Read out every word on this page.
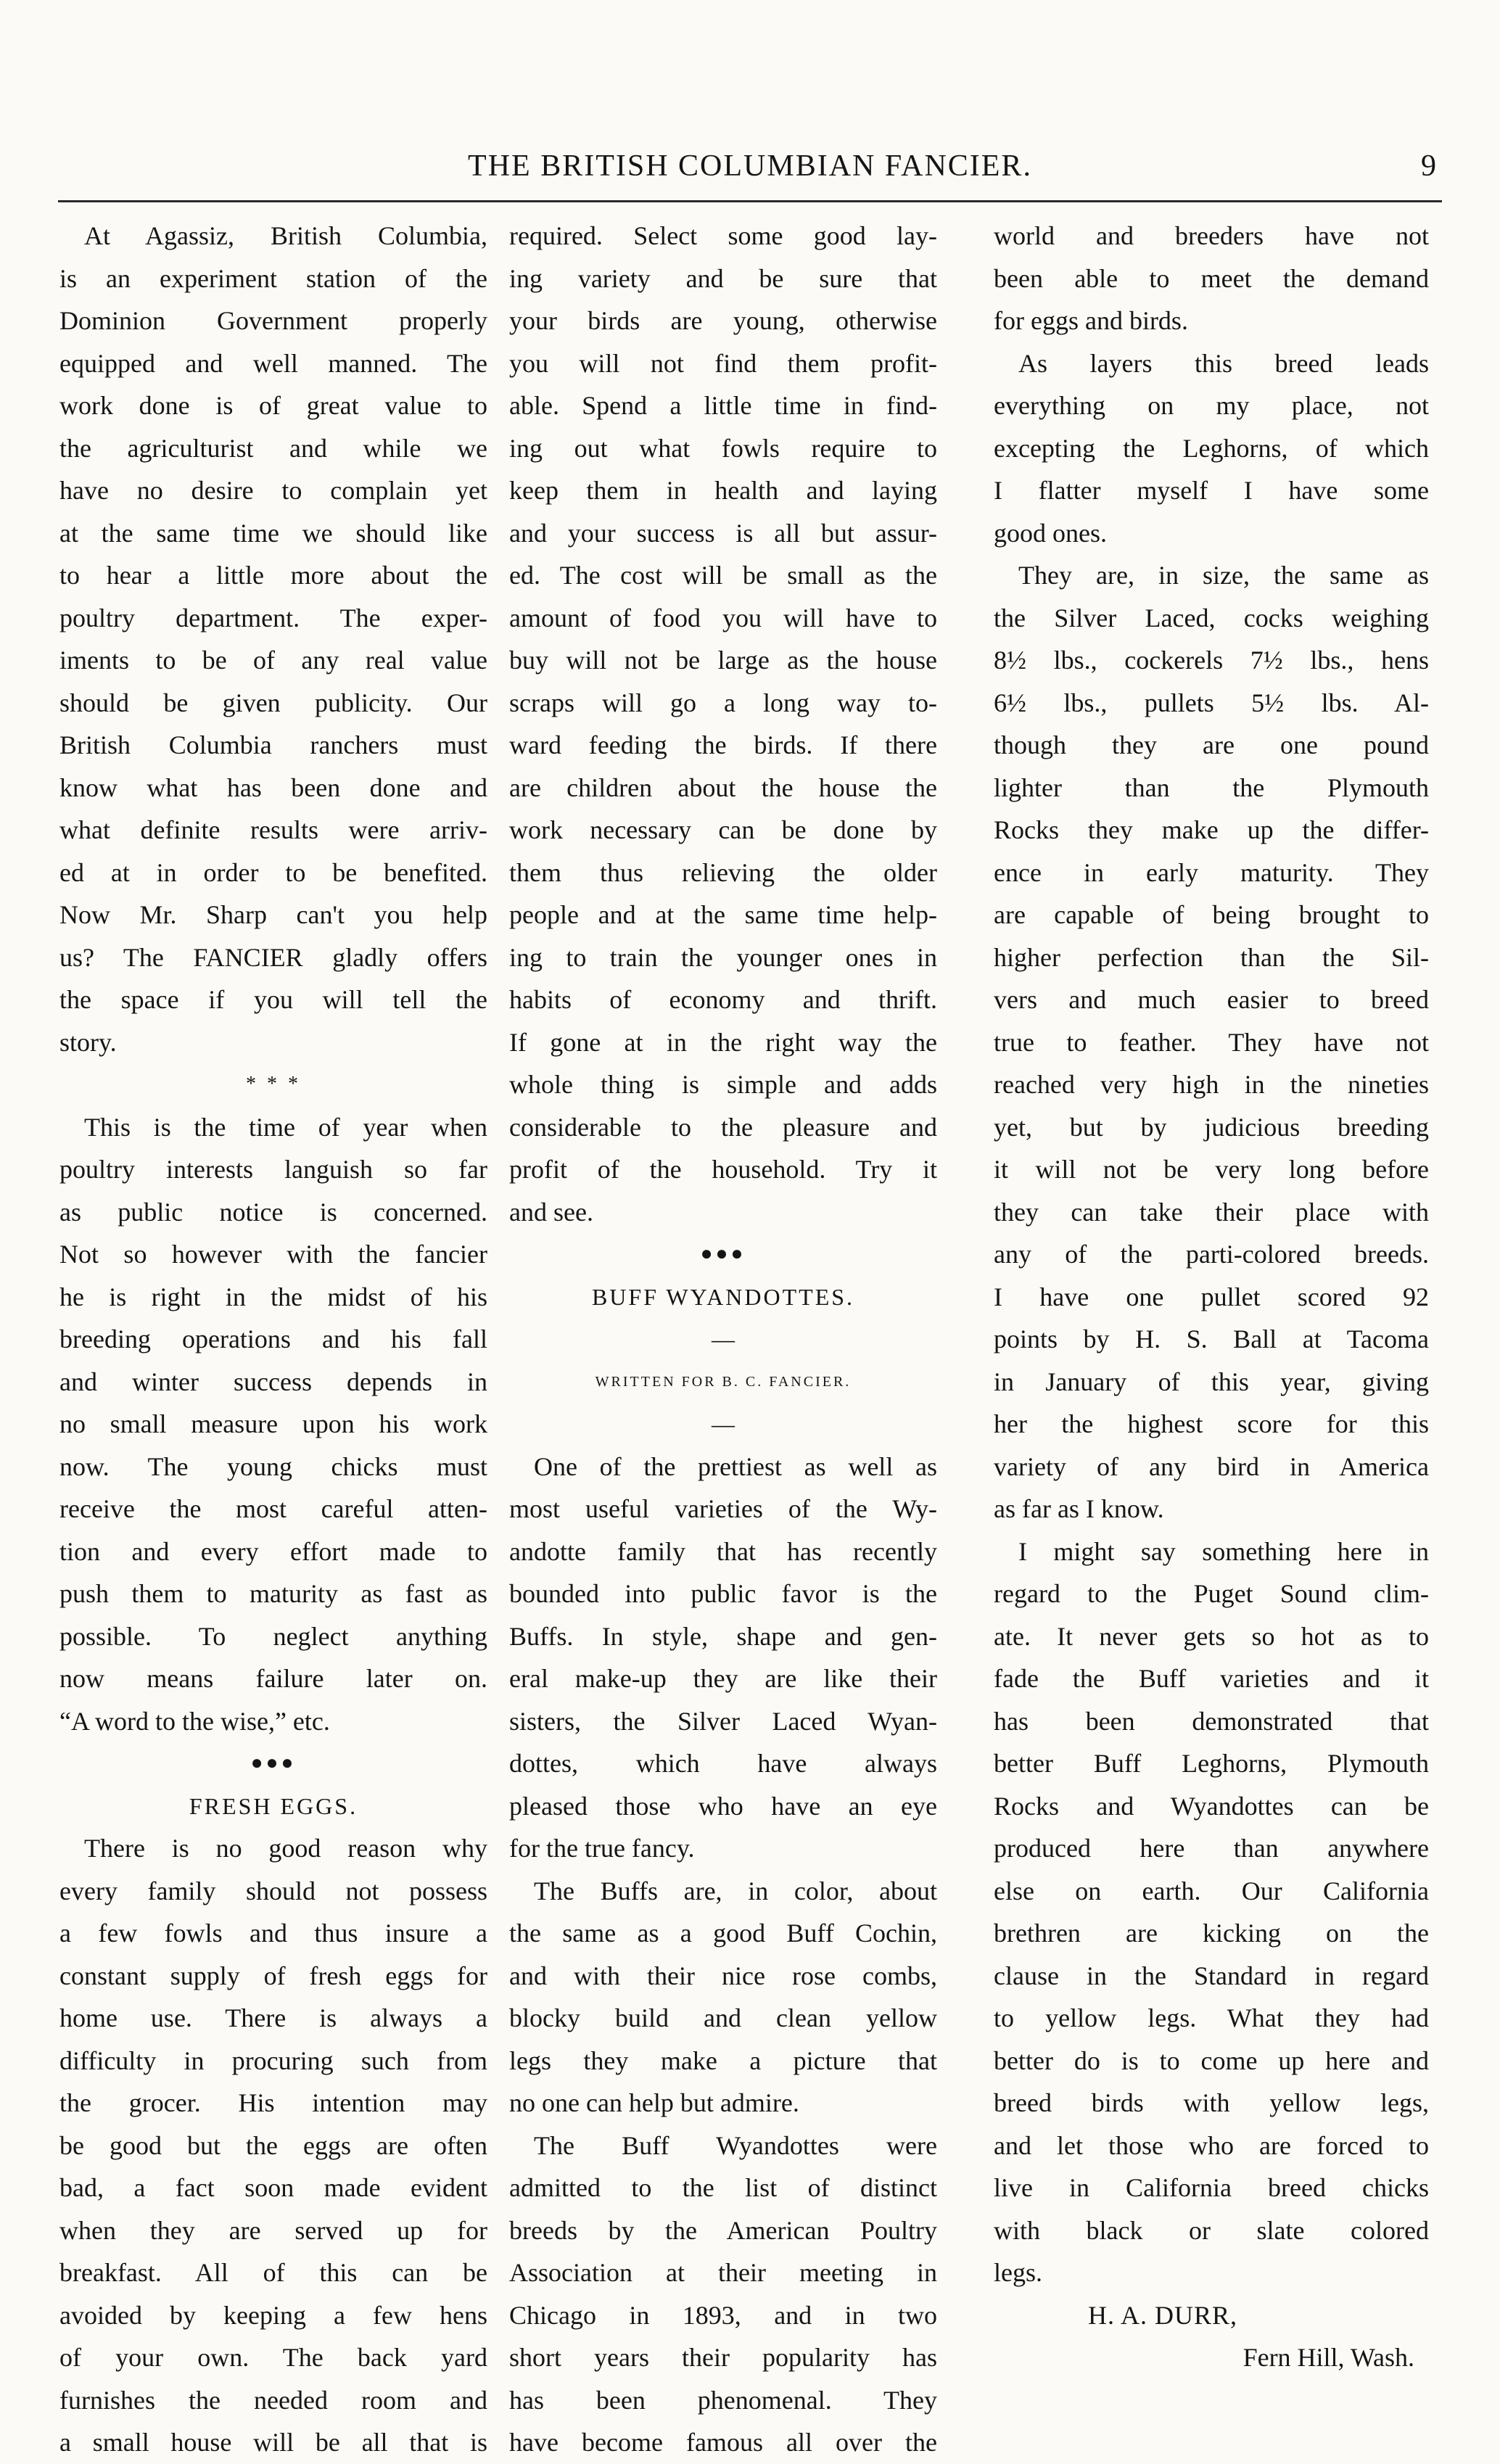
THE BRITISH COLUMBIAN FANCIER.	9
At Agassiz, British Columbia,
is an experiment station of the
Dominion Government properly
equipped and well manned. The
work done is of great value to
the agriculturist and while we
have no desire to complain yet
at the same time we should like
to hear a little more about the
poultry department. The exper-
iments to be of any real value
should be given publicity. Our
British Columbia ranchers must
know what has been done and
what definite results were arriv-
ed at in order to be benefited.
Now Mr. Sharp can't you help
us? The FANCIER gladly offers
the space if you will tell the
story.
* * *
This is the time of year when
poultry interests languish so far
as public notice is concerned.
Not so however with the fancier
he is right in the midst of his
breeding operations and his fall
and winter success depends in
no small measure upon his work
now. The young chicks must
receive the most careful atten-
tion and every effort made to
push them to maturity as fast as
possible. To neglect anything
now means failure later on.
“A word to the wise,” etc.
●●●
FRESH EGGS.
There is no good reason why
every family should not possess
a few fowls and thus insure a
constant supply of fresh eggs for
home use. There is always a
difficulty in procuring such from
the grocer. His intention may
be good but the eggs are often
bad, a fact soon made evident
when they are served up for
breakfast. All of this can be
avoided by keeping a few hens
of your own. The back yard
furnishes the needed room and
a small house will be all that is
required. Select some good lay-
ing variety and be sure that
your birds are young, otherwise
you will not find them profit-
able. Spend a little time in find-
ing out what fowls require to
keep them in health and laying
and your success is all but assur-
ed. The cost will be small as the
amount of food you will have to
buy will not be large as the house
scraps will go a long way to-
ward feeding the birds. If there
are children about the house the
work necessary can be done by
them thus relieving the older
people and at the same time help-
ing to train the younger ones in
habits of economy and thrift.
If gone at in the right way the
whole thing is simple and adds
considerable to the pleasure and
profit of the household. Try it
and see.
●●●
BUFF WYANDOTTES.
—
WRITTEN FOR B. C. FANCIER.
—
One of the prettiest as well as
most useful varieties of the Wy-
andotte family that has recently
bounded into public favor is the
Buffs. In style, shape and gen-
eral make-up they are like their
sisters, the Silver Laced Wyan-
dottes, which have always
pleased those who have an eye
for the true fancy.
The Buffs are, in color, about
the same as a good Buff Cochin,
and with their nice rose combs,
blocky build and clean yellow
legs they make a picture that
no one can help but admire.
The Buff Wyandottes were
admitted to the list of distinct
breeds by the American Poultry
Association at their meeting in
Chicago in 1893, and in two
short years their popularity has
has been phenomenal. They
have become famous all over the
world and breeders have not
been able to meet the demand
for eggs and birds.
As layers this breed leads
everything on my place, not
excepting the Leghorns, of which
I flatter myself I have some
good ones.
They are, in size, the same as
the Silver Laced, cocks weighing
8½ lbs., cockerels 7½ lbs., hens
6½ lbs., pullets 5½ lbs. Al-
though they are one pound
lighter than the Plymouth
Rocks they make up the differ-
ence in early maturity. They
are capable of being brought to
higher perfection than the Sil-
vers and much easier to breed
true to feather. They have not
reached very high in the nineties
yet, but by judicious breeding
it will not be very long before
they can take their place with
any of the parti-colored breeds.
I have one pullet scored 92
points by H. S. Ball at Tacoma
in January of this year, giving
her the highest score for this
variety of any bird in America
as far as I know.
I might say something here in
regard to the Puget Sound clim-
ate. It never gets so hot as to
fade the Buff varieties and it
has been demonstrated that
better Buff Leghorns, Plymouth
Rocks and Wyandottes can be
produced here than anywhere
else on earth. Our California
brethren are kicking on the
clause in the Standard in regard
to yellow legs. What they had
better do is to come up here and
breed birds with yellow legs,
and let those who are forced to
live in California breed chicks
with black or slate colored
legs.
H. A. DURR,
Fern Hill, Wash.
